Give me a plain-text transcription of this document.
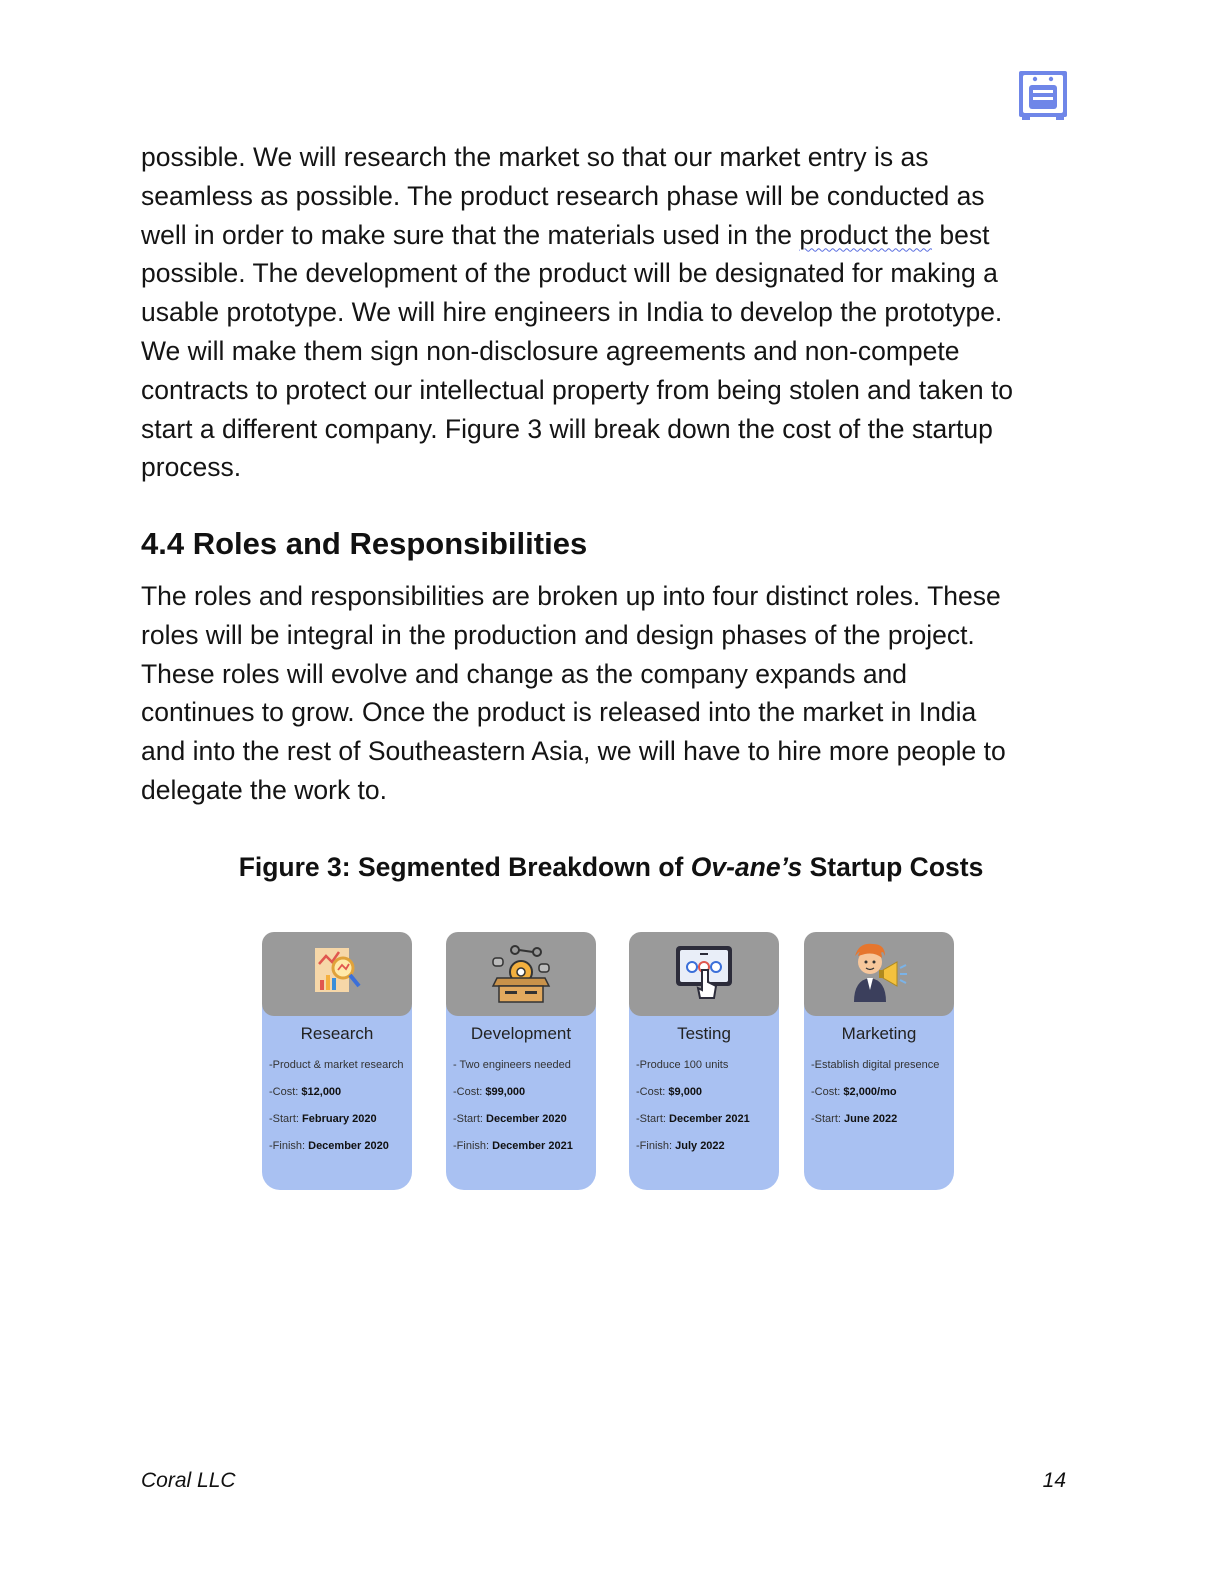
possible. We will research the market so that our market entry is as
seamless as possible. The product research phase will be conducted as
well in order to make sure that the materials used in the product the best
possible. The development of the product will be designated for making a
usable prototype. We will hire engineers in India to develop the prototype.
We will make them sign non-disclosure agreements and non-compete
contracts to protect our intellectual property from being stolen and taken to
start a different company. Figure 3 will break down the cost of the startup
process.

4.4 Roles and Responsibilities

The roles and responsibilities are broken up into four distinct roles. These
roles will be integral in the production and design phases of the project.
These roles will evolve and change as the company expands and
continues to grow. Once the product is released into the market in India
and into the rest of Southeastern Asia, we will have to hire more people to
delegate the work to.

Figure 3: Segmented Breakdown of Ov-ane’s Startup Costs

Research
-Product & market research
-Cost: $12,000
-Start: February 2020
-Finish: December 2020
Development
- Two engineers needed
-Cost: $99,000
-Start: December 2020
-Finish: December 2021
Testing
-Produce 100 units
-Cost: $9,000
-Start: December 2021
-Finish: July 2022
Marketing
-Establish digital presence
-Cost: $2,000/mo
-Start: June 2022
Coral LLC	14
